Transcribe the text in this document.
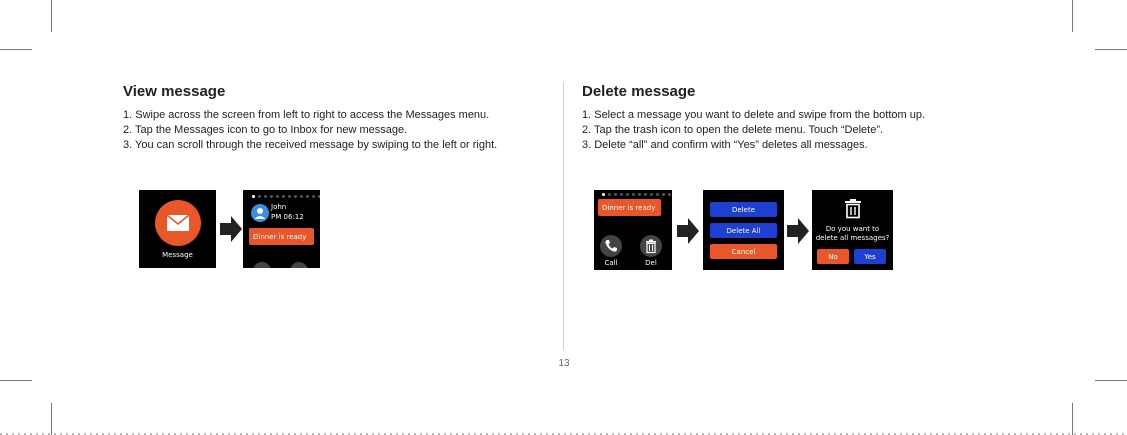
13
View message
1. Swipe across the screen from left to right to access the Messages menu.
2. Tap the Messages icon to go to Inbox for new message.
3. You can scroll through the received message by swiping to the left or right.
Message
John
PM 06:12
Dinner is ready
Delete message
1. Select a message you want to delete and swipe from the bottom up.
2. Tap the trash icon to open the delete menu. Touch “Delete”.
3. Delete “all” and confirm with “Yes” deletes all messages.
Dinner is ready
Call	Del
Delete
Delete All
Cancel
Do you want to
delete all messages?
No	Yes
